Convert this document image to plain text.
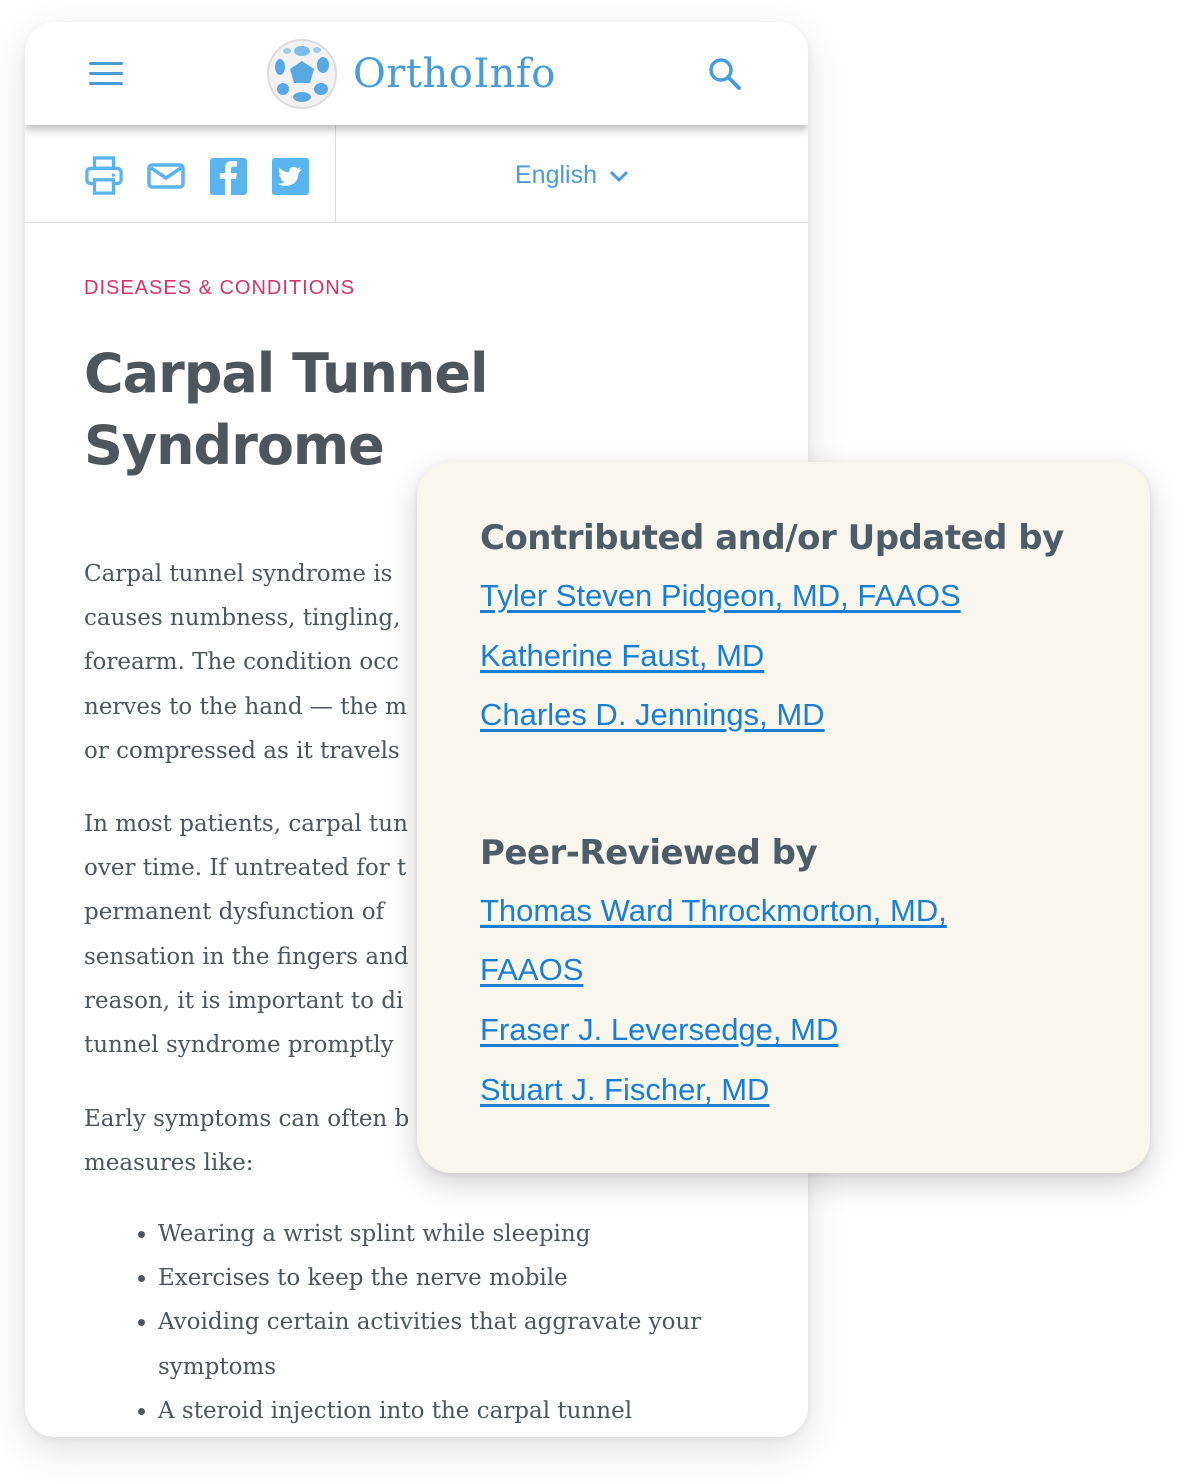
OrthoInfo
English

DISEASES & CONDITIONS

Carpal Tunnel Syndrome
Carpal tunnel syndrome is
causes numbness, tingling,
forearm. The condition occ
nerves to the hand — the m
or compressed as it travels
In most patients, carpal tun
over time. If untreated for t
permanent dysfunction of
sensation in the fingers and
reason, it is important to di
tunnel syndrome promptly
Early symptoms can often b
measures like:
• Wearing a wrist splint while sleeping
• Exercises to keep the nerve mobile
• Avoiding certain activities that aggravate your symptoms
• A steroid injection into the carpal tunnel
Contributed and/or Updated by
Tyler Steven Pidgeon, MD, FAAOS
Katherine Faust, MD
Charles D. Jennings, MD
Peer-Reviewed by
Thomas Ward Throckmorton, MD,
FAAOS
Fraser J. Leversedge, MD
Stuart J. Fischer, MD
